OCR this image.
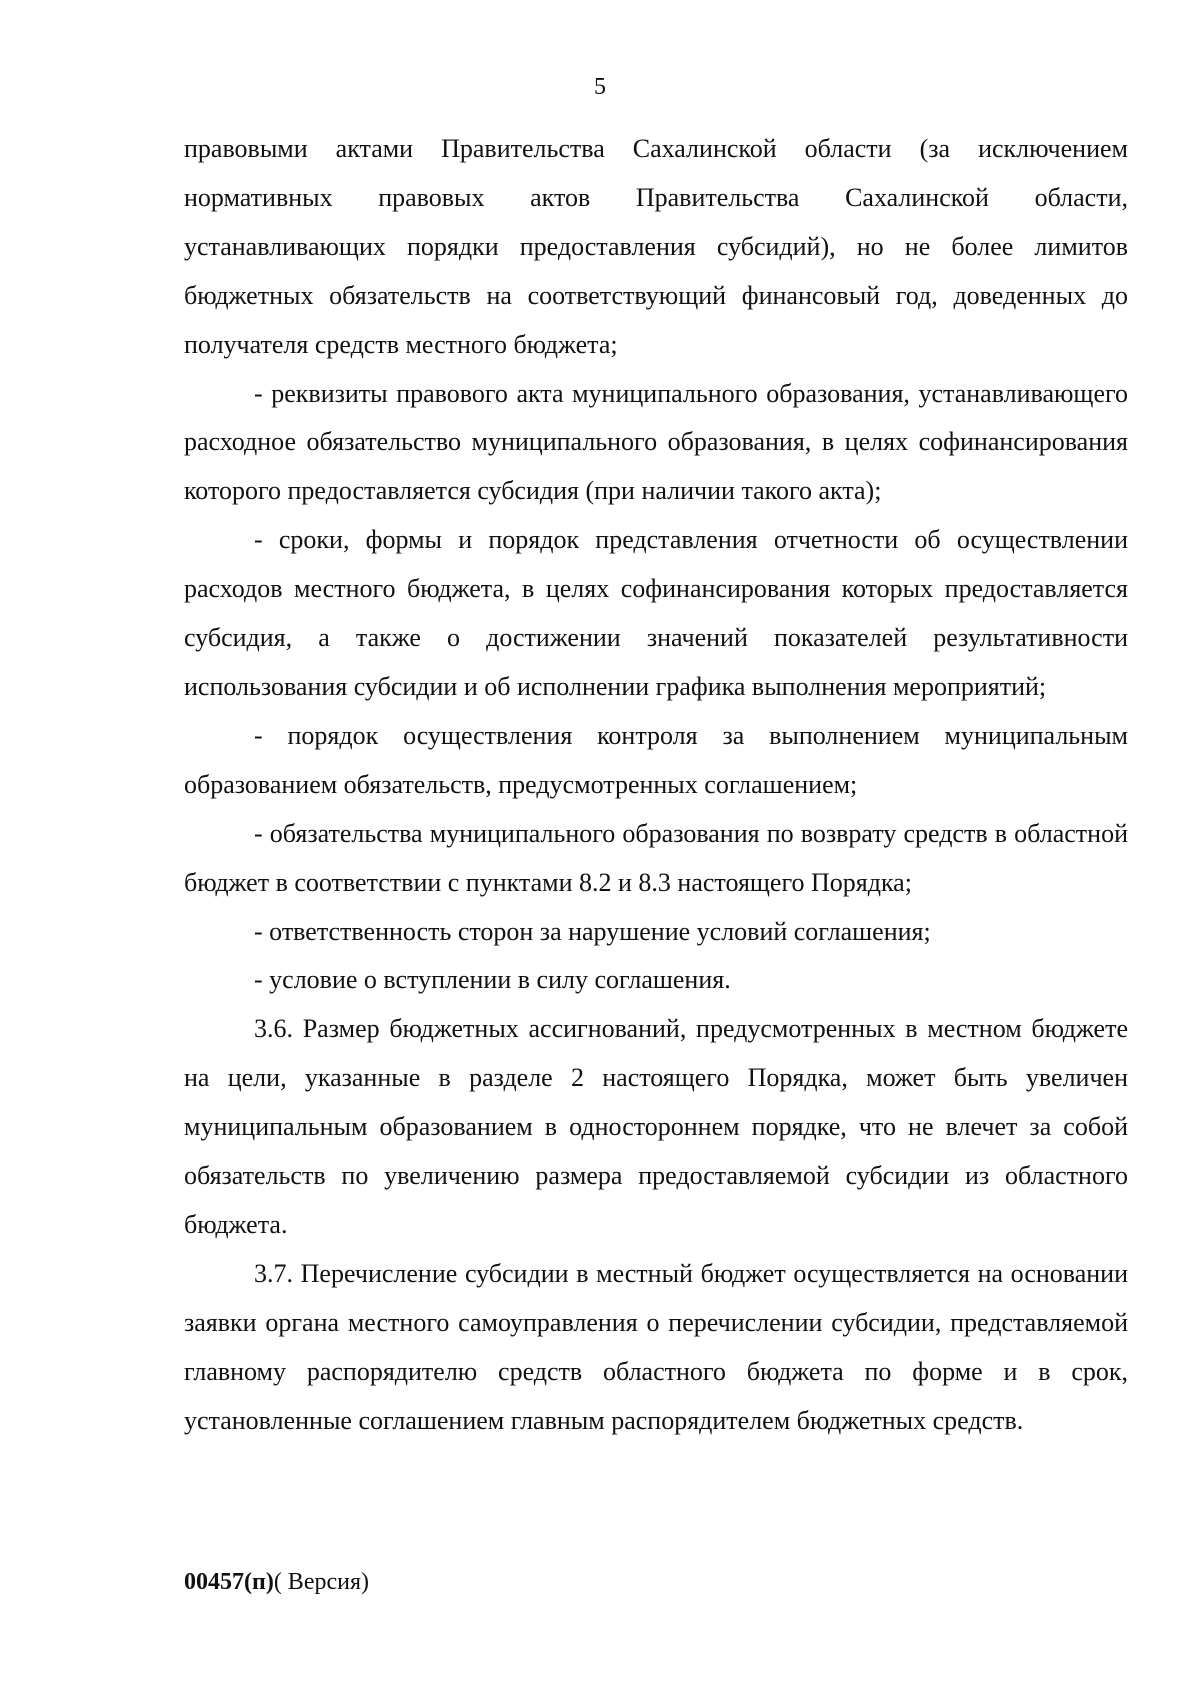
5

правовыми актами Правительства Сахалинской области (за исключением нормативных правовых актов Правительства Сахалинской области, устанавливающих порядки предоставления субсидий), но не более лимитов бюджетных обязательств на соответствующий финансовый год, доведенных до получателя средств местного бюджета;

- реквизиты правового акта муниципального образования, устанавливающего расходное обязательство муниципального образования, в целях софинансирования которого предоставляется субсидия (при наличии такого акта);

- сроки, формы и порядок представления отчетности об осуществлении расходов местного бюджета, в целях софинансирования которых предоставляется субсидия, а также о достижении значений показателей результативности использования субсидии и об исполнении графика выполнения мероприятий;

- порядок осуществления контроля за выполнением муниципальным образованием обязательств, предусмотренных соглашением;

- обязательства муниципального образования по возврату средств в областной бюджет в соответствии с пунктами 8.2 и 8.3 настоящего Порядка;

- ответственность сторон за нарушение условий соглашения;

- условие о вступлении в силу соглашения.

3.6. Размер бюджетных ассигнований, предусмотренных в местном бюджете на цели, указанные в разделе 2 настоящего Порядка, может быть увеличен муниципальным образованием в одностороннем порядке, что не влечет за собой обязательств по увеличению размера предоставляемой субсидии из областного бюджета.

3.7. Перечисление субсидии в местный бюджет осуществляется на основании заявки органа местного самоуправления о перечислении субсидии, представляемой главному распорядителю средств областного бюджета по форме и в срок, установленные соглашением главным распорядителем бюджетных средств.

00457(п)( Версия)
